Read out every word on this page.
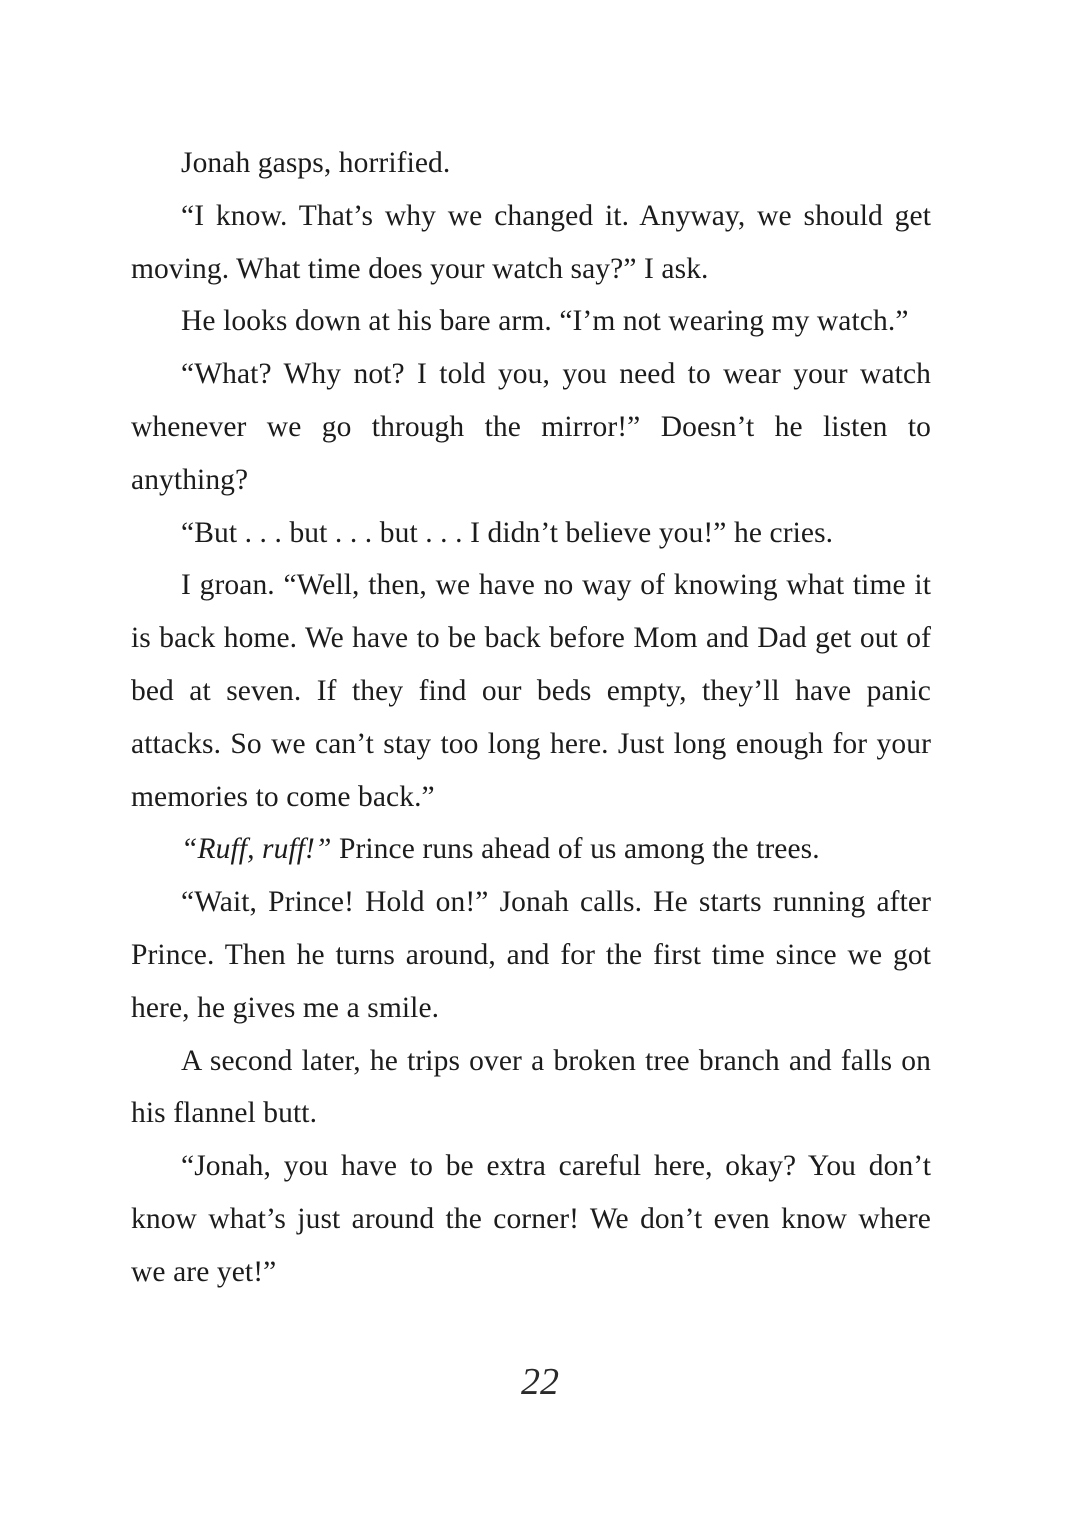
Jonah gasps, horrified.

“I know. That’s why we changed it. Anyway, we should get moving. What time does your watch say?” I ask.

He looks down at his bare arm. “I’m not wearing my watch.”

“What? Why not? I told you, you need to wear your watch whenever we go through the mirror!” Doesn’t he listen to anything?

“But . . . but . . . but . . . I didn’t believe you!” he cries.

I groan. “Well, then, we have no way of knowing what time it is back home. We have to be back before Mom and Dad get out of bed at seven. If they find our beds empty, they’ll have panic attacks. So we can’t stay too long here. Just long enough for your memories to come back.”

“Ruff, ruff!” Prince runs ahead of us among the trees.

“Wait, Prince! Hold on!” Jonah calls. He starts running after Prince. Then he turns around, and for the first time since we got here, he gives me a smile.

A second later, he trips over a broken tree branch and falls on his flannel butt.

“Jonah, you have to be extra careful here, okay? You don’t know what’s just around the corner! We don’t even know where we are yet!”

22
